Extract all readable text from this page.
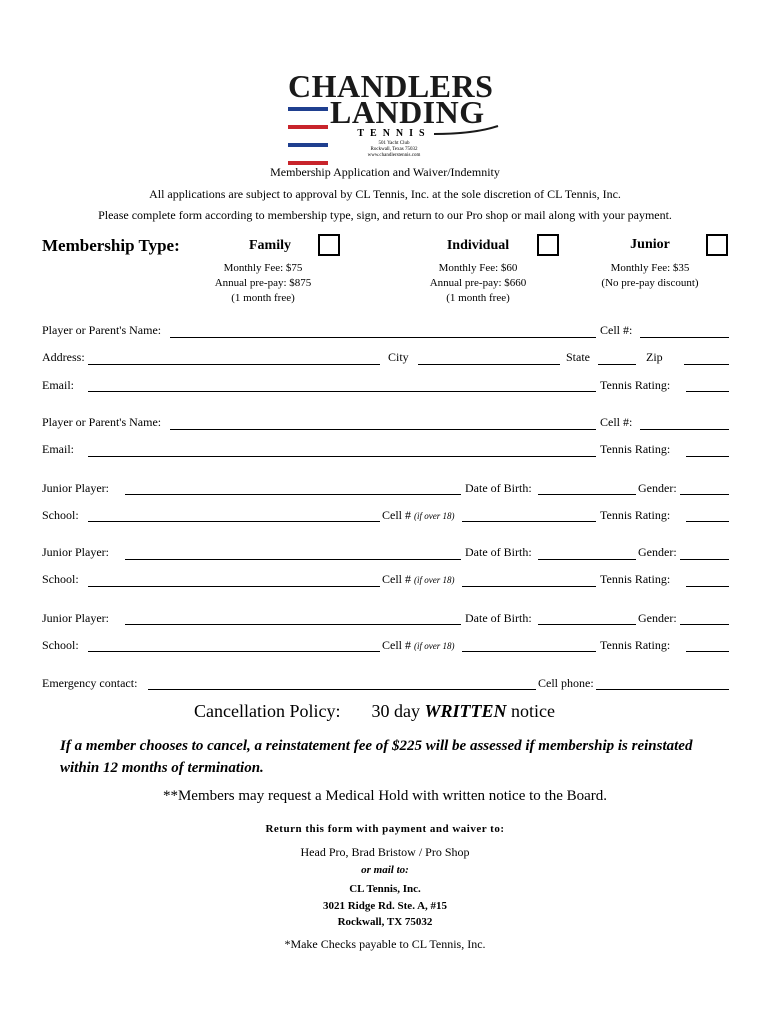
CHANDLERS

LANDING
TENNIS
501 Yacht Club
Rockwall, Texas 75032
www.chandlerstennis.com
Membership Application and Waiver/Indemnity
All applications are subject to approval by CL Tennis, Inc. at the sole discretion of CL Tennis, Inc.
Please complete form according to membership type, sign, and return to our Pro shop or mail along with your payment.
Membership Type:	Family
Monthly Fee: $75
Annual pre-pay: $875
(1 month free)
Individual
Monthly Fee: $60
Annual pre-pay: $660
(1 month free)
Junior
Monthly Fee: $35
(No pre-pay discount)
Player or Parent's Name:	Cell #:
Address:	City	State	Zip
Email:	Tennis Rating:
Player or Parent's Name:	Cell #:
Email:	Tennis Rating:
Junior Player:	Date of Birth:	Gender:
School:	Cell # (if over 18)	Tennis Rating:
Junior Player:	Date of Birth:	Gender:
School:	Cell # (if over 18)	Tennis Rating:
Junior Player:	Date of Birth:	Gender:
School:	Cell # (if over 18)	Tennis Rating:
Emergency contact:	Cell phone:
Cancellation Policy: 30 day WRITTEN notice
If a member chooses to cancel, a reinstatement fee of $225 will be assessed if membership is reinstated within 12 months of termination.
**Members may request a Medical Hold with written notice to the Board.
Return this form with payment and waiver to:
Head Pro, Brad Bristow / Pro Shop
or mail to:
CL Tennis, Inc.
3021 Ridge Rd. Ste. A, #15
Rockwall, TX 75032
*Make Checks payable to CL Tennis, Inc.
